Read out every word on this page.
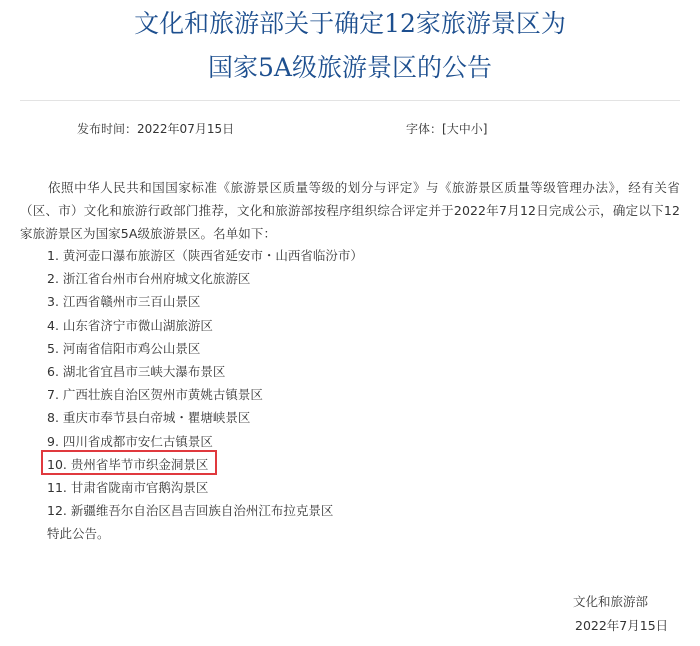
文化和旅游部关于确定12家旅游景区为
国家5A级旅游景区的公告
发布时间：2022年07月15日	字体：[大中小]

依照中华人民共和国国家标准《旅游景区质量等级的划分与评定》与《旅游景区质量等级管理办法》，经有关省（区、市）文化和旅游行政部门推荐，文化和旅游部按程序组织综合评定并于2022年7月12日完成公示，确定以下12家旅游景区为国家5A级旅游景区。名单如下：

1. 黄河壶口瀑布旅游区（陕西省延安市・山西省临汾市）
2. 浙江省台州市台州府城文化旅游区
3. 江西省赣州市三百山景区
4. 山东省济宁市微山湖旅游区
5. 河南省信阳市鸡公山景区
6. 湖北省宜昌市三峡大瀑布景区
7. 广西壮族自治区贺州市黄姚古镇景区
8. 重庆市奉节县白帝城・瞿塘峡景区
9. 四川省成都市安仁古镇景区
10. 贵州省毕节市织金洞景区
11. 甘肃省陇南市官鹅沟景区
12. 新疆维吾尔自治区昌吉回族自治州江布拉克景区
特此公告。
文化和旅游部
2022年7月15日
